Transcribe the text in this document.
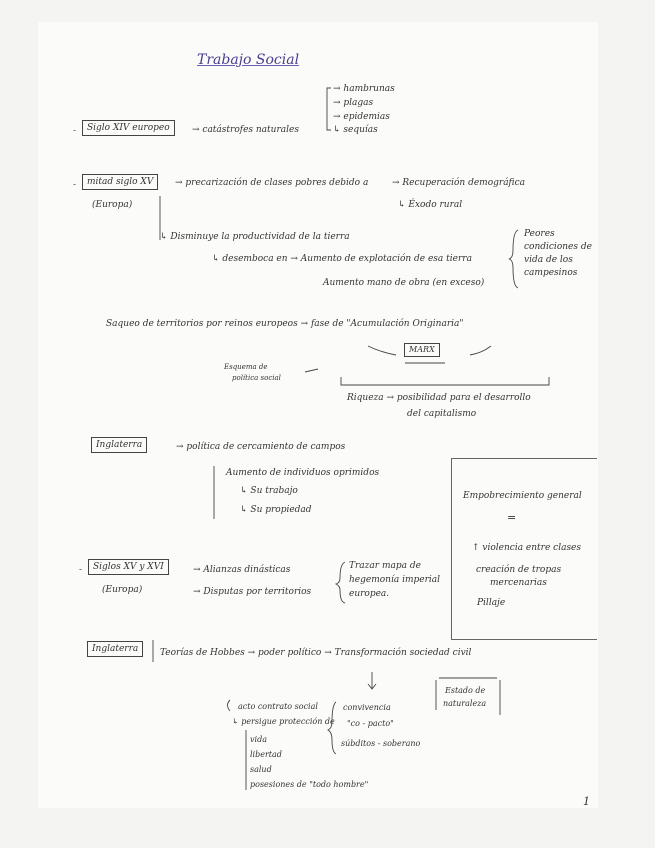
Trabajo Social
-	Siglo XIV europeo	→ catástrofes naturales
→ hambrunas
→ plagas
→ epidemias
↳ sequías
-	mitad siglo XV
(Europa)
→ precarización de clases pobres debido a	→ Recuperación demográfica
↳ Éxodo rural
↳ Disminuye la productividad de la tierra
↳ desemboca en → Aumento de explotación de esa tierra
Aumento mano de obra (en exceso)
Peores
condiciones de
vida de los
campesinos
Saqueo de territorios por reinos europeos → fase de "Acumulación Originaria"
MARX
Esquema de
política social
Riqueza → posibilidad para el desarrollo
del capitalismo
Inglaterra	→ política de cercamiento de campos
Aumento de individuos oprimidos
↳ Su trabajo
↳ Su propiedad
Empobrecimiento general
=
↑ violencia entre clases
creación de tropas
mercenarias
Pillaje
-	Siglos XV y XVI
(Europa)
→ Alianzas dinásticas
→ Disputas por territorios
Trazar mapa de
hegemonía imperial
europea.
Inglaterra	Teorías de Hobbes → poder político → Transformación sociedad civil
Estado de
naturaleza
acto contrato social
↳ persigue protección de
vida
libertad
salud
posesiones de "todo hombre"
convivencia
"co - pacto"
súbditos - soberano
1
